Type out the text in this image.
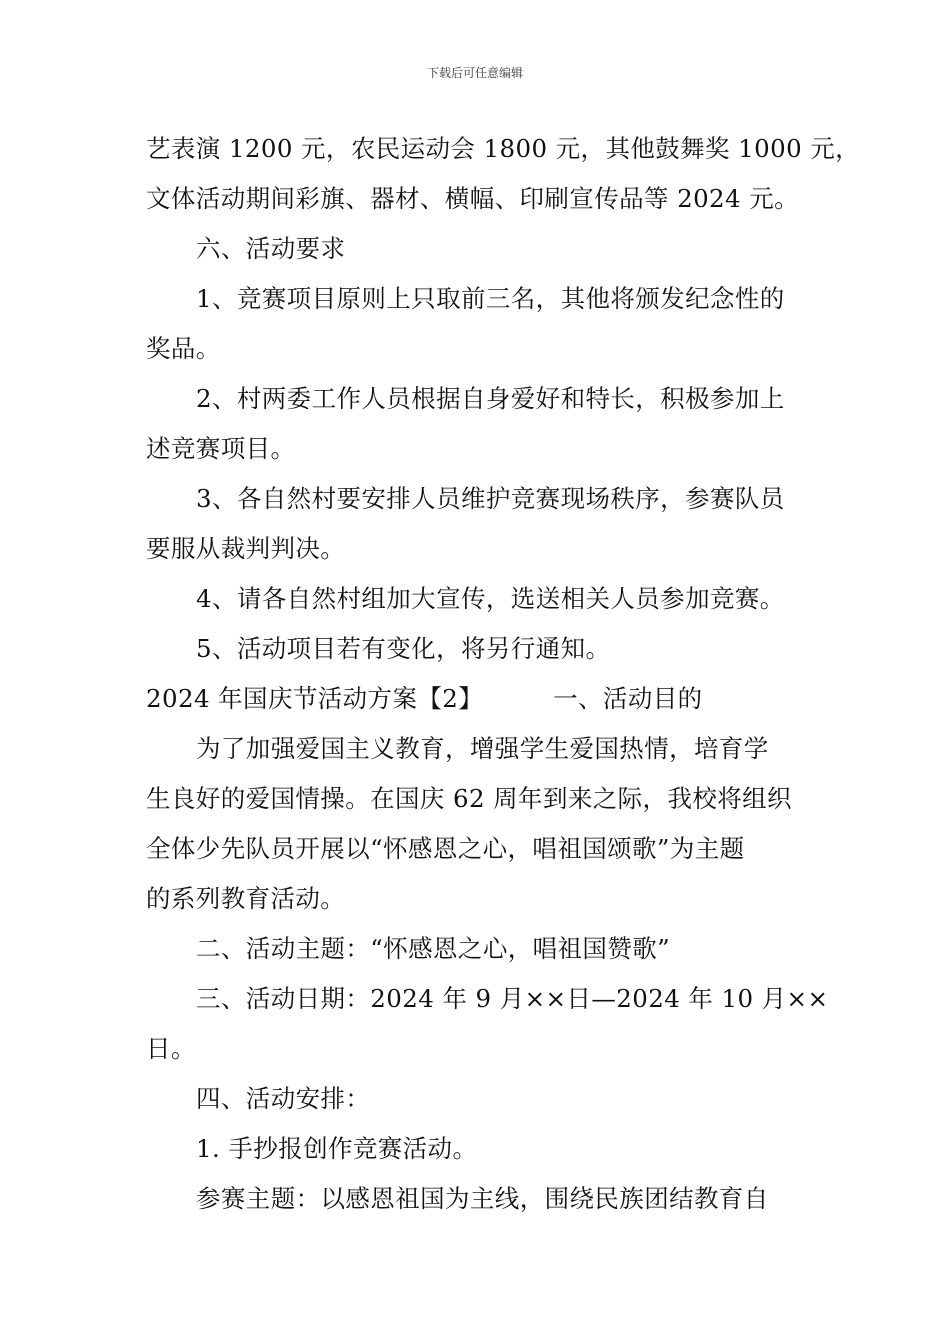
下载后可任意编辑
艺表演 1200 元，农民运动会 1800 元，其他鼓舞奖 1000 元，
文体活动期间彩旗、器材、横幅、印刷宣传品等 2024 元。
六、活动要求
1、竞赛项目原则上只取前三名，其他将颁发纪念性的
奖品。
2、村两委工作人员根据自身爱好和特长，积极参加上
述竞赛项目。
3、各自然村要安排人员维护竞赛现场秩序，参赛队员
要服从裁判判决。
4、请各自然村组加大宣传，选送相关人员参加竞赛。
5、活动项目若有变化，将另行通知。
2024 年国庆节活动方案【2】	一、活动目的
为了加强爱国主义教育，增强学生爱国热情，培育学
生良好的爱国情操。在国庆 62 周年到来之际，我校将组织
全体少先队员开展以“怀感恩之心，唱祖国颂歌”为主题
的系列教育活动。
二、活动主题：“怀感恩之心，唱祖国赞歌”
三、活动日期：2024 年 9 月××日—2024 年 10 月××
日。
四、活动安排：
1. 手抄报创作竞赛活动。
参赛主题：以感恩祖国为主线，围绕民族团结教育自
